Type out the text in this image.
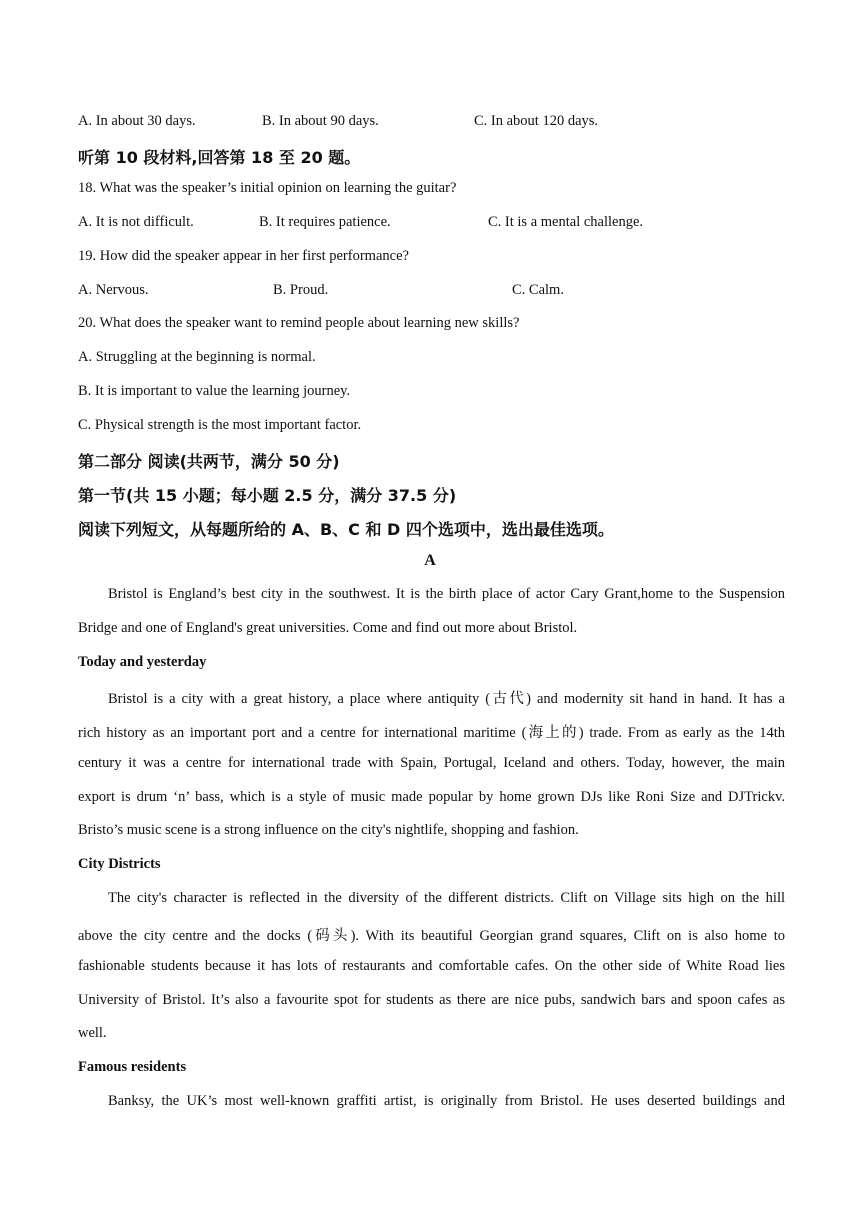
A. In about 30 days.	B. In about 90 days.	C. In about 120 days.
听第 10 段材料,回答第 18 至 20 题。
18. What was the speaker’s initial opinion on learning the guitar?
A. It is not difficult.	B. It requires patience.	C. It is a mental challenge.
19. How did the speaker appear in her first performance?
A. Nervous.	B. Proud.	C. Calm.
20. What does the speaker want to remind people about learning new skills?
A. Struggling at the beginning is normal.
B. It is important to value the learning journey.
C. Physical strength is the most important factor.
第二部分 阅读(共两节，满分 50 分)
第一节(共 15 小题；每小题 2.5 分，满分 37.5 分)
阅读下列短文，从每题所给的 A、B、C 和 D 四个选项中，选出最佳选项。
A
Bristol is England’s best city in the southwest. It is the birth place of actor Cary Grant,home to the Suspension
Bridge and one of England's great universities. Come and find out more about Bristol.
Today and yesterday
Bristol is a city with a great history, a place where antiquity (古代) and modernity sit hand in hand. It has a
rich history as an important port and a centre for international maritime (海上的) trade. From as early as the 14th
century it was a centre for international trade with Spain, Portugal, Iceland and others. Today, however, the main
export is drum ‘n’ bass, which is a style of music made popular by home grown DJs like Roni Size and DJTrickv.
Bristo’s music scene is a strong influence on the city's nightlife, shopping and fashion.
City Districts
The city's character is reflected in the diversity of the different districts. Clift on Village sits high on the hill
above the city centre and the docks (码头). With its beautiful Georgian grand squares, Clift on is also home to
fashionable students because it has lots of restaurants and comfortable cafes. On the other side of White Road lies
University of Bristol. It’s also a favourite spot for students as there are nice pubs, sandwich bars and spoon cafes as
well.
Famous residents
Banksy, the UK’s most well-known graffiti artist, is originally from Bristol. He uses deserted buildings and
